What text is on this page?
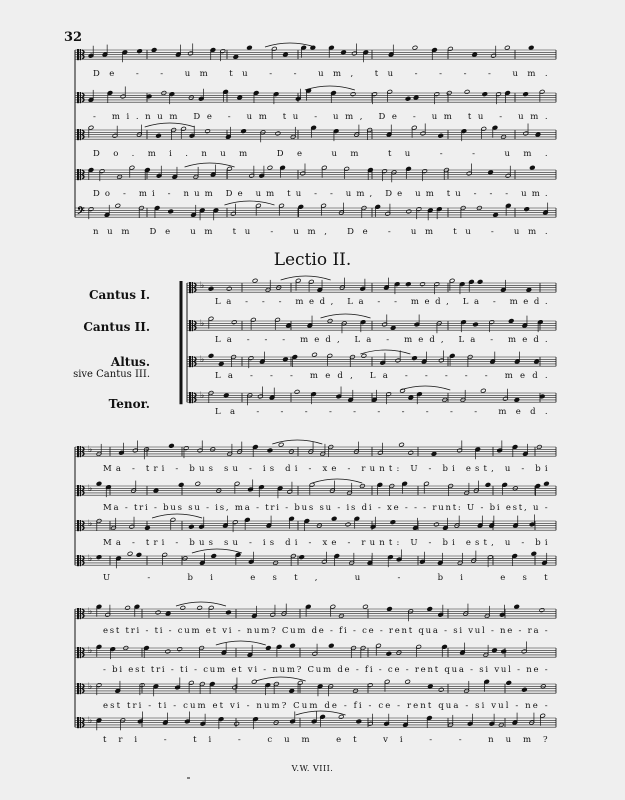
32
Lectio II.
Cantus I.
Cantus II.
Altus.
sive Cantus III.
Tenor.
De - - um tu - - um, tu - - - - um.
- mi.num De - um tu - um, De - um tu - um.
Do.mi.num De um tu - - um.
Do - mi - num De um tu - - um, De um tu - - - um.
𝄢
num De um tu - um, De - um tu - um.
♭
La - - - med, La - - med, La - med.
♭
La - - - med, La - med, La - med.
♭
La - - - med, La - - - - - med.
♭
La - - - - - - - - - - med.
♭
Ma - tri - bus su - is di - xe - runt: U - bi est, u - bi
♭
Ma - tri - bus su - is, ma - tri - bus su - is di - xe - - - runt: U - bi est, u -
♭
Ma - tri - bus su - is di - xe - runt: U - bi est, u - bi
♭
U - bi est, u - bi est
♭
est tri - ti - cum et vi - num? Cum de - fi - ce - rent qua - si vul - ne - ra -
♭
- bi est tri - ti - cum et vi - num? Cum de - fi - ce - rent qua - si vul - ne -
♭
est tri - ti - cum et vi - num? Cum de - fi - ce - rent qua - si vul - ne -
♭
tri - ti - cum et vi - - num?
V.W. VIII.
